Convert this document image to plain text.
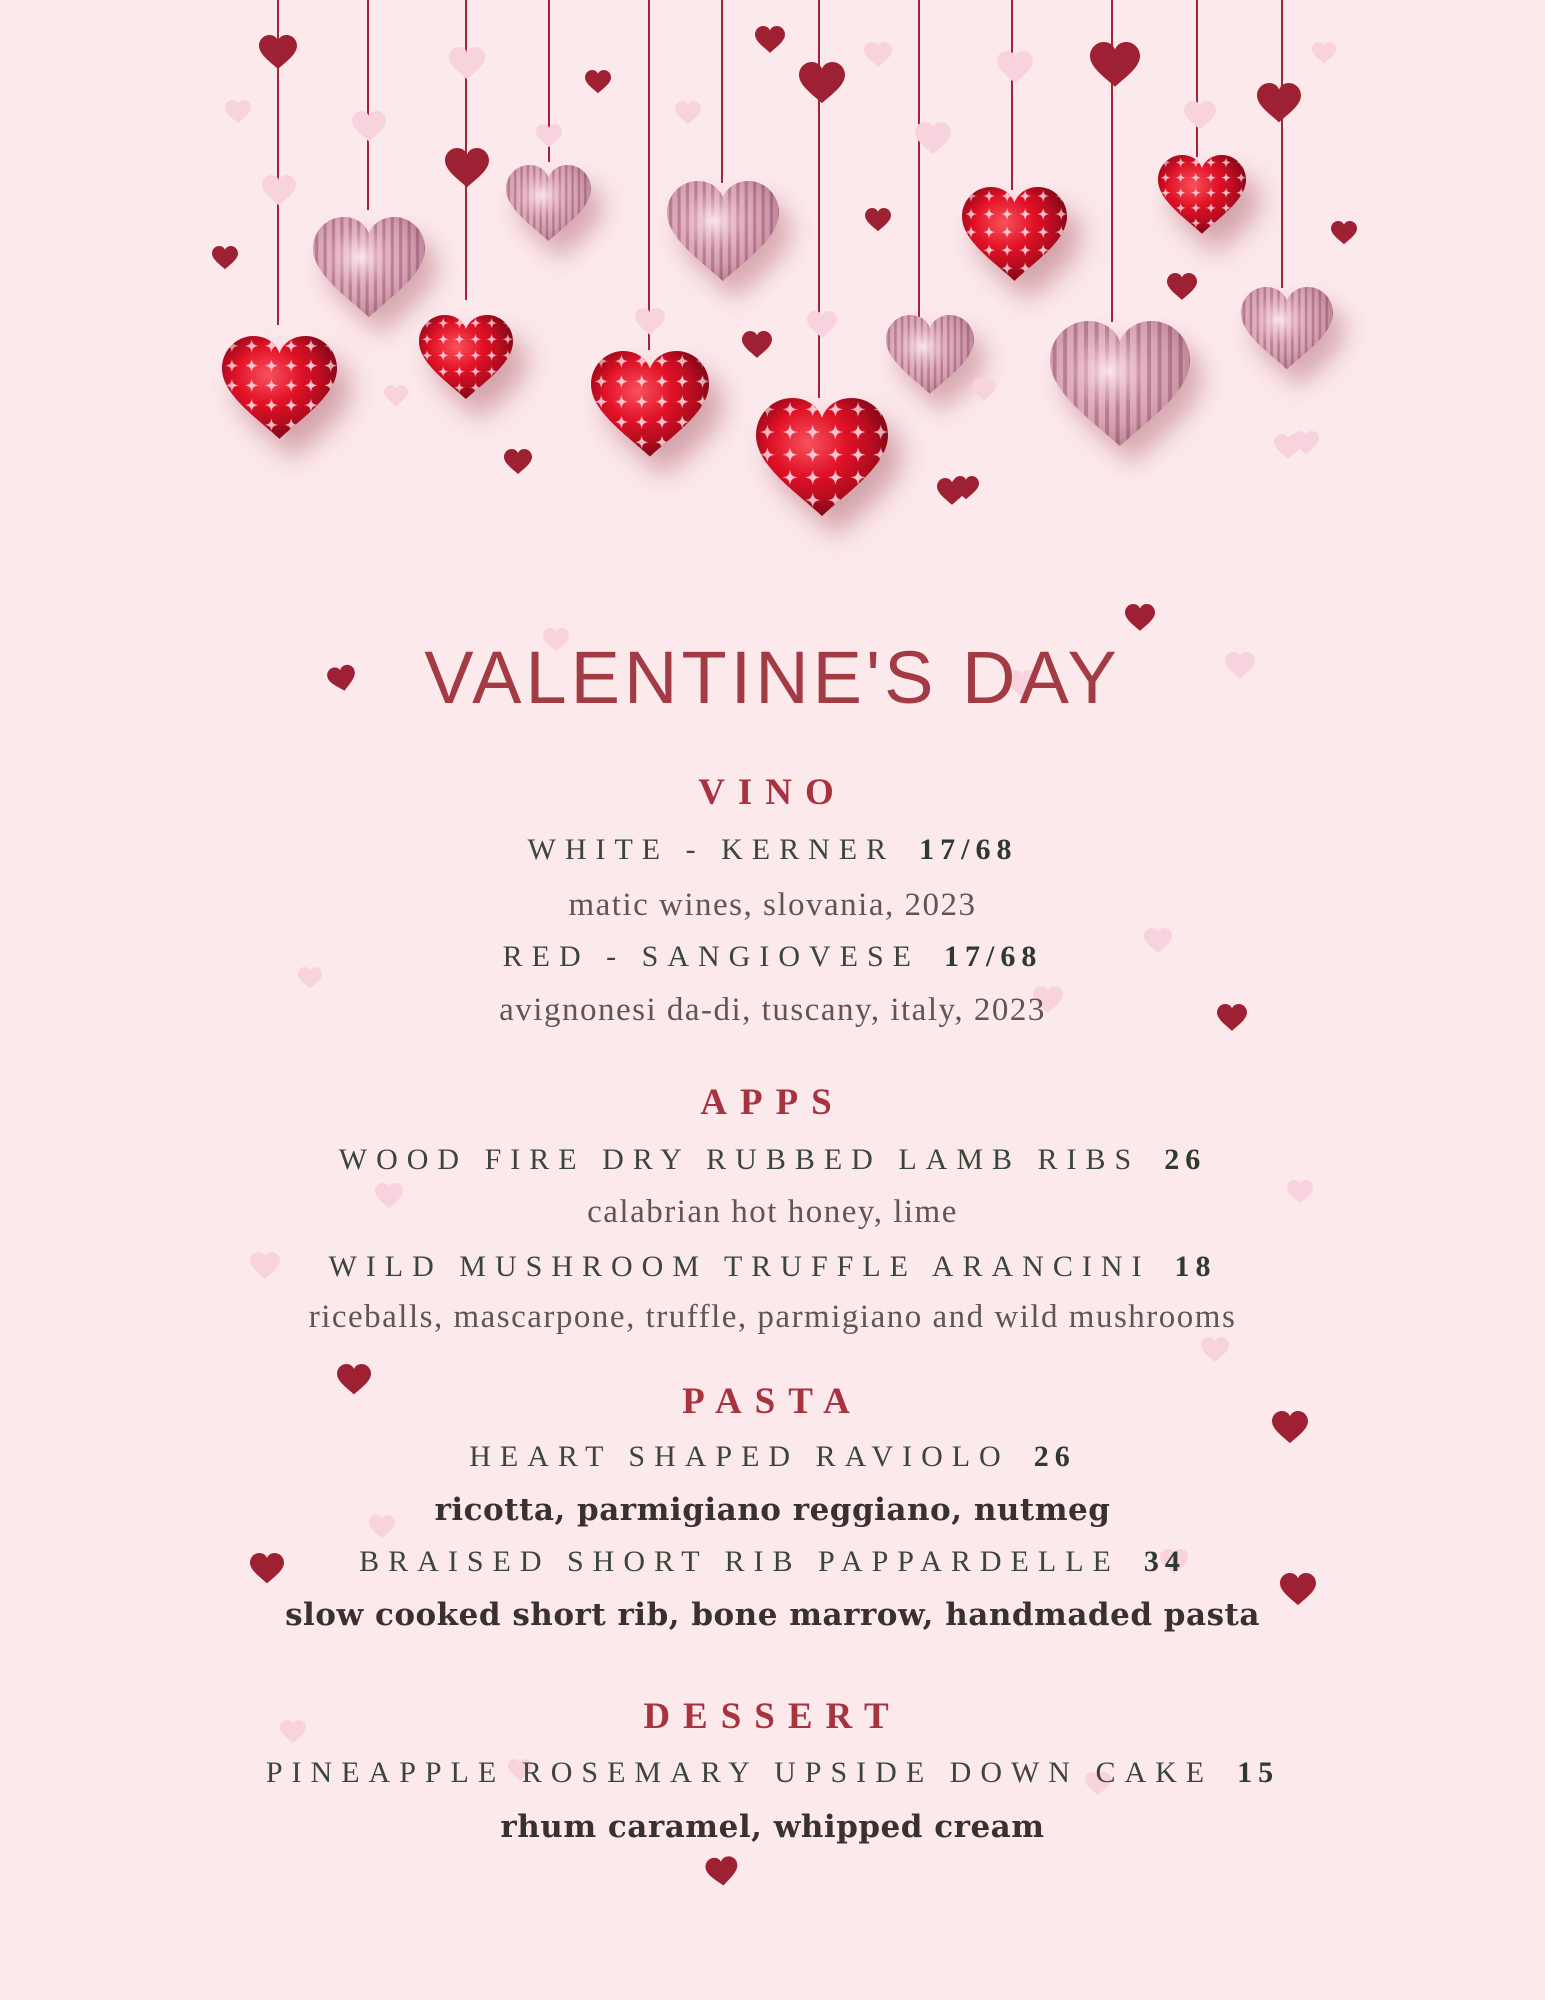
VALENTINE'S DAY
VINO
WHITE - KERNER 17/68
matic wines, slovania, 2023
RED - SANGIOVESE 17/68
avignonesi da-di, tuscany, italy, 2023
APPS
WOOD FIRE DRY RUBBED LAMB RIBS 26
calabrian hot honey, lime
WILD MUSHROOM TRUFFLE ARANCINI 18
riceballs, mascarpone, truffle, parmigiano and wild mushrooms
PASTA
HEART SHAPED RAVIOLO 26
ricotta, parmigiano reggiano, nutmeg
BRAISED SHORT RIB PAPPARDELLE 34
slow cooked short rib, bone marrow, handmaded pasta
DESSERT
PINEAPPLE ROSEMARY UPSIDE DOWN CAKE 15
rhum caramel, whipped cream
